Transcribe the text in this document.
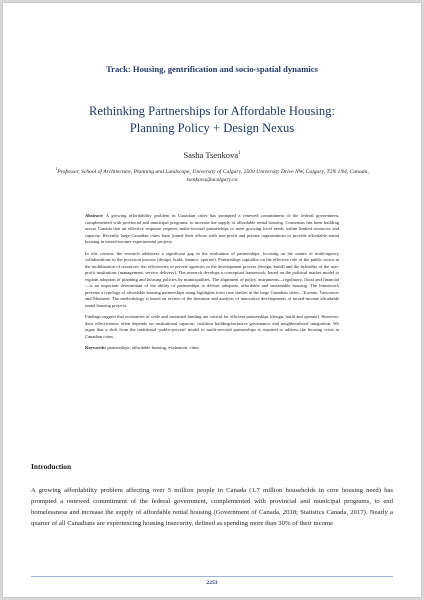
Track: Housing, gentrification and socio-spatial dynamics
Rethinking Partnerships for Affordable Housing:
Planning Policy + Design Nexus
Sasha Tsenkova$^1$
$^1$Professor, School of Architecture, Planning and Landscape, University of Calgary, 2500 University Drive NW, Calgary, T2N 1N4, Canada, tsenkova@ucalgary.ca

Abstract: A growing affordability problem in Canadian cities has prompted a renewed commitment of the federal government, complemented with provincial and municipal programs, to increase the supply of affordable rental housing. Consensus has been building across Canada that an effective response requires multi-sectoral partnerships to meet growing local needs within limited resources and capacity. Recently large Canadian cities have joined their efforts with non-profit and private organisations to provide affordable rental housing in mixed-income experimental projects.

In this context, the research addresses a significant gap in the evaluation of partnerships, focusing on the nature of multi-agency collaborations in the provision process (design, build, finance, operate). Partnerships capitalise on the effective role of the public sector in the mobilization of resources, the efficiencies of private agencies in the development process (design, build) and the hybridity of the non-profit institutions (management, service delivery). The research develops a conceptual framework, based on the political market model to explain adoption of planning and housing policies by municipalities. The alignment of policy instruments—regulatory, fiscal and financial—is an important determinant of the ability of partnerships to deliver adequate, affordable and sustainable housing. The framework presents a typology of affordable housing partnerships using highlights from case studies in the large Canadian cities—Toronto, Vancouver and Montreal. The methodology is based on review of the literature and analysis of innovative developments of mixed-income affordable rental housing projects.

Findings suggest that economies of scale and sustained funding are critical for efficient partnerships (design, build and operate). However, their effectiveness often depends on institutional capacity, coalition building/inclusive governance and neighbourhood integration. We argue that a shift from the traditional ‘public-private’ model to multi-sectoral partnerships is required to address the housing crisis in Canadian cities.

Keywords: partnerships, affordable housing, evaluation, cities

Introduction

A growing affordability problem affecting over 5 million people in Canada (1.7 million households in core housing need) has prompted a renewed commitment of the federal government, complemented with provincial and municipal programs, to end homelessness and increase the supply of affordable rental housing (Government of Canada, 2018; Statistics Canada, 2017). Nearly a quarter of all Canadians are experiencing housing insecurity, defined as spending more than 30% of their income

2253
